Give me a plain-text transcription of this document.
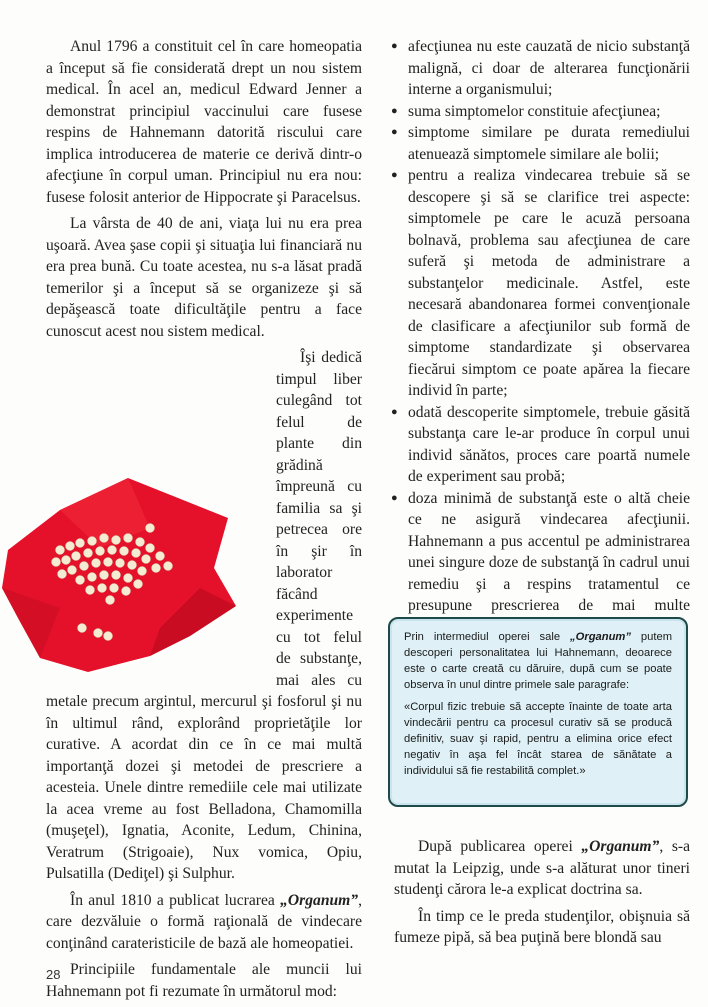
Anul 1796 a constituit cel în care homeopatia a început să fie considerată drept un nou sistem medical. În acel an, medicul Edward Jenner a demonstrat principiul vaccinului care fusese respins de Hahnemann datorită riscului care implica introducerea de materie ce derivă dintr-o afecţiune în corpul uman. Principiul nu era nou: fusese folosit anterior de Hippocrate şi Paracelsus.

La vârsta de 40 de ani, viaţa lui nu era prea uşoară. Avea şase copii şi situaţia lui financiară nu era prea bună. Cu toate acestea, nu s-a lăsat pradă temerilor şi a început să se organizeze şi să depăşească toate dificultăţile pentru a face cunoscut acest nou sistem medical.

Îşi dedică timpul liber culegând tot felul de plante din grădină împreună cu familia sa şi petrecea ore în şir în laborator făcând experimente cu tot felul de substanţe, mai ales cu metale precum argintul, mercurul şi fosforul şi nu în ultimul rând, explorând proprietăţile lor curative. A acordat din ce în ce mai multă importanţă dozei şi metodei de prescriere a acesteia. Unele dintre remediile cele mai utilizate la acea vreme au fost Belladona, Chamomilla (muşeţel), Ignatia, Aconite, Ledum, Chinina, Veratrum (Strigoaie), Nux vomica, Opiu, Pulsatilla (Dediţel) şi Sulphur.

În anul 1810 a publicat lucrarea „Organum”, care dezvăluie o formă raţională de vindecare conţinând carateristicile de bază ale homeopatiei.

Principiile fundamentale ale muncii lui Hahnemann pot fi rezumate în următorul mod:

● afecţiunea nu este cauzată de nicio substanţă malignă, ci doar de alterarea funcţionării interne a organismului;
● suma simptomelor constituie afecţiunea;
● simptome similare pe durata remediului atenuează simptomele similare ale bolii;
● pentru a realiza vindecarea trebuie să se descopere şi să se clarifice trei aspecte: simptomele pe care le acuză persoana bolnavă, problema sau afecţiunea de care suferă şi metoda de administrare a substanţelor medicinale. Astfel, este necesară abandonarea formei convenţionale de clasificare a afecţiunilor sub formă de simptome standardizate şi observarea fiecărui simptom ce poate apărea la fiecare individ în parte;
● odată descoperite simptomele, trebuie găsită substanţa care le-ar produce în corpul unui individ sănătos, proces care poartă numele de experiment sau probă;
● doza minimă de substanţă este o altă cheie ce ne asigură vindecarea afecţiunii. Hahnemann a pus accentul pe administrarea unei singure doze de substanţă în cadrul unui remediu şi a respins tratamentul ce presupune prescrierea de mai multe

Prin intermediul operei sale „Organum” putem descoperi personalitatea lui Hahnemann, deoarece este o carte creată cu dăruire, după cum se poate observa în unul dintre primele sale paragrafe:

«Corpul fizic trebuie să accepte înainte de toate arta vindecării pentru ca procesul curativ să se producă definitiv, suav şi rapid, pentru a elimina orice efect negativ în aşa fel încât starea de sănătate a individului să fie restabilită complet.»

După publicarea operei „Organum”, s-a mutat la Leipzig, unde s-a alăturat unor tineri studenţi cărora le-a explicat doctrina sa.

În timp ce le preda studenţilor, obişnuia să fumeze pipă, să bea puţină bere blondă sau

28
